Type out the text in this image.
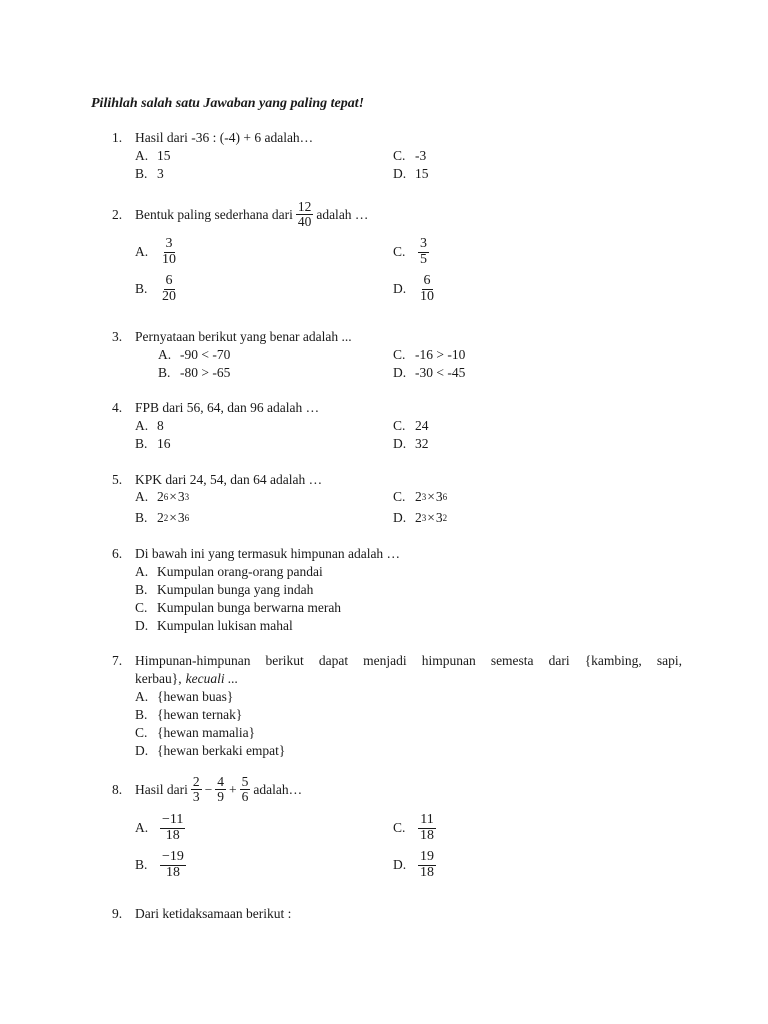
Pilihlah salah satu Jawaban yang paling tepat!
1. Hasil dari -36 : (-4) + 6 adalah…
A. 15	C. -3
B. 3	D. 15
2. Bentuk paling sederhana dari $\frac{12}{40}$ adalah …
A. $\frac{3}{10}$	C. $\frac{3}{5}$
B. $\frac{6}{20}$	D. $\frac{6}{10}$
3. Pernyataan berikut yang benar adalah ...
A. -90 < -70	C. -16 > -10
B. -80 > -65	D. -30 < -45
4. FPB dari 56, 64, dan 96 adalah …
A. 8	C. 24
B. 16	D. 32
5. KPK dari 24, 54, dan 64 adalah …
A. 2 6 × 3 3	C. 2 3 × 3 6
B. 2 2 × 3 6	D. 2 3 × 3 2
6. Di bawah ini yang termasuk himpunan adalah …
A. Kumpulan orang-orang pandai
B. Kumpulan bunga yang indah
C. Kumpulan bunga berwarna merah
D. Kumpulan lukisan mahal
7. Himpunan-himpunan berikut dapat menjadi himpunan semesta dari {kambing, sapi,
kerbau}, kecuali ...
A. {hewan buas}
B. {hewan ternak}
C. {hewan mamalia}
D. {hewan berkaki empat}
8. Hasil dari $\frac{2}{3} - \frac{4}{9} + \frac{5}{6}$ adalah…
A. $\frac{-11}{18}$	C. $\frac{11}{18}$
B. $\frac{-19}{18}$	D. $\frac{19}{18}$
9. Dari ketidaksamaan berikut :
